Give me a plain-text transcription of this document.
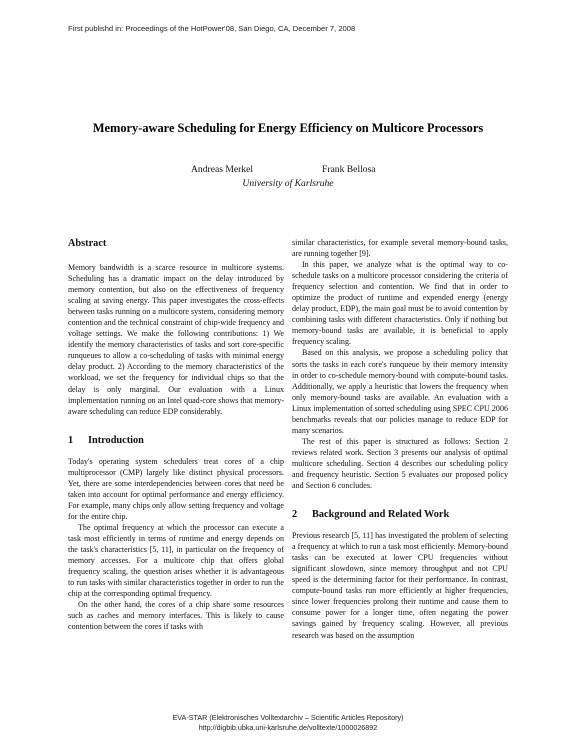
First publishd in: Proceedings of the HotPower'08, San Diego, CA, December 7, 2008
Memory-aware Scheduling for Energy Efficiency on Multicore Processors
Andreas Merkel	Frank Bellosa
University of Karlsruhe
Abstract

Memory bandwidth is a scarce resource in multicore systems. Scheduling has a dramatic impact on the delay introduced by memory contention, but also on the effectiveness of frequency scaling at saving energy. This paper investigates the cross-effects between tasks running on a multicore system, considering memory contention and the technical constraint of chip-wide frequency and voltage settings. We make the following contributions: 1) We identify the memory characteristics of tasks and sort core-specific runqueues to allow a co-scheduling of tasks with minimal energy delay product. 2) According to the memory characteristics of the workload, we set the frequency for individual chips so that the delay is only marginal. Our evaluation with a Linux implementation running on an Intel quad-core shows that memory-aware scheduling can reduce EDP considerably.

1 Introduction

Today's operating system schedulers treat cores of a chip multiprocessor (CMP) largely like distinct physical processors. Yet, there are some interdependencies between cores that need be taken into account for optimal performance and energy efficiency. For example, many chips only allow setting frequency and voltage for the entire chip.

The optimal frequency at which the processor can execute a task most efficiently in terms of runtime and energy depends on the task's characteristics [5, 11], in particular on the frequency of memory accesses. For a multicore chip that offers global frequency scaling, the question arises whether it is advantageous to run tasks with similar characteristics together in order to run the chip at the corresponding optimal frequency.

On the other hand, the cores of a chip share some resources such as caches and memory interfaces. This is likely to cause contention between the cores if tasks with

similar characteristics, for example several memory-bound tasks, are running together [9].

In this paper, we analyze what is the optimal way to co-schedule tasks on a multicore processor considering the criteria of frequency selection and contention. We find that in order to optimize the product of runtime and expended energy (energy delay product, EDP), the main goal must be to avoid contention by combining tasks with different characteristics. Only if nothing but memory-bound tasks are available, it is beneficial to apply frequency scaling.

Based on this analysis, we propose a scheduling policy that sorts the tasks in each core's runqueue by their memory intensity in order to co-schedule memory-bound with compute-bound tasks. Additionally, we apply a heuristic that lowers the frequency when only memory-bound tasks are available. An evaluation with a Linux implementation of sorted scheduling using SPEC CPU 2006 benchmarks reveals that our policies manage to reduce EDP for many scenarios.

The rest of this paper is structured as follows: Section 2 reviews related work. Section 3 presents our analysis of optimal multicore scheduling. Section 4 describes our scheduling policy and frequency heuristic. Section 5 evaluates our proposed policy and Section 6 concludes.

2 Background and Related Work

Previous research [5, 11] has investigated the problem of selecting a frequency at which to run a task most efficiently. Memory-bound tasks can be executed at lower CPU frequencies without significant slowdown, since memory throughput and not CPU speed is the determining factor for their performance. In contrast, compute-bound tasks run more efficiently at higher frequencies, since lower frequencies prolong their runtime and cause them to consume power for a longer time, often negating the power savings gained by frequency scaling. However, all previous research was based on the assumption

EVA-STAR (Elektronisches Volltextarchiv – Scientific Articles Repository)
http://digbib.ubka.uni-karlsruhe.de/volltexte/1000026892
